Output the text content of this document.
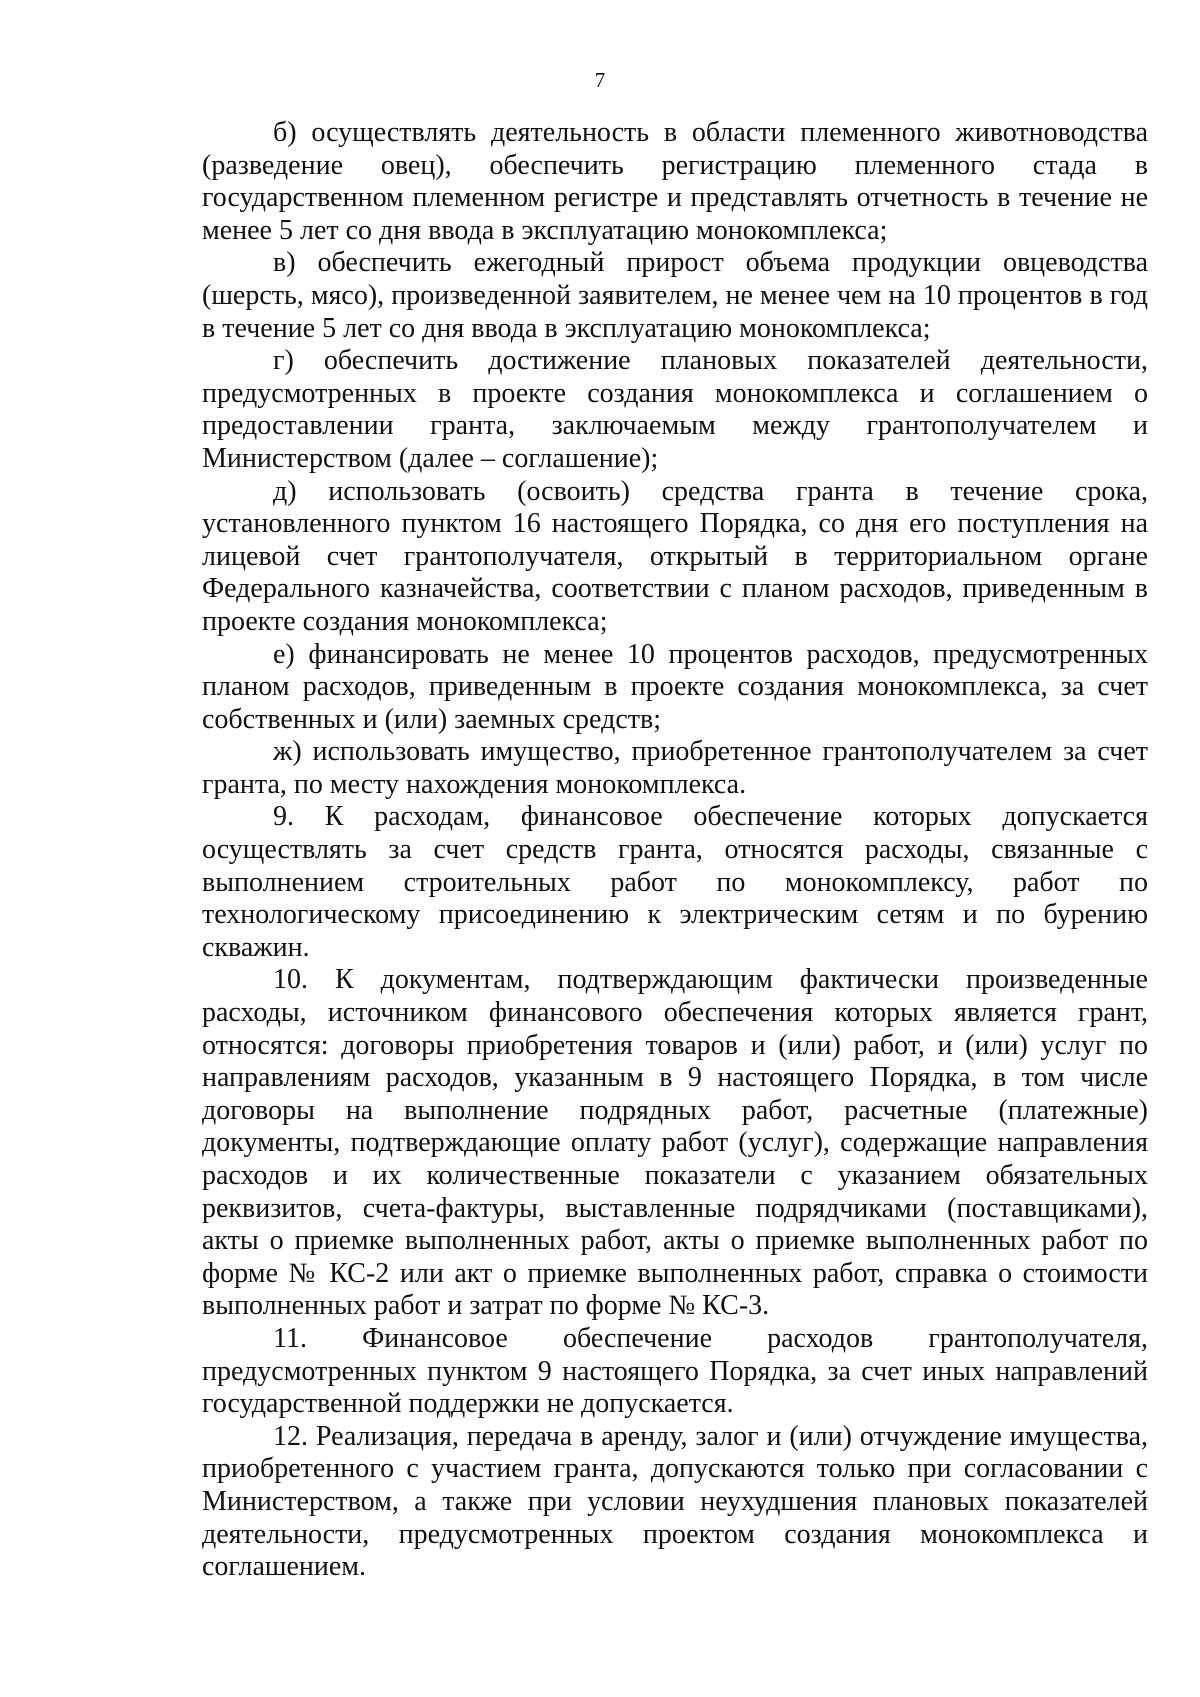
7

б) осуществлять деятельность в области племенного животноводства (разведение овец), обеспечить регистрацию племенного стада в государственном племенном регистре и представлять отчетность в течение не менее 5 лет со дня ввода в эксплуатацию монокомплекса;

в) обеспечить ежегодный прирост объема продукции овцеводства (шерсть, мясо), произведенной заявителем, не менее чем на 10 процентов в год в течение 5 лет со дня ввода в эксплуатацию монокомплекса;

г) обеспечить достижение плановых показателей деятельности, предусмотренных в проекте создания монокомплекса и соглашением о предоставлении гранта, заключаемым между грантополучателем и Министерством (далее – соглашение);

д) использовать (освоить) средства гранта в течение срока, установленного пунктом 16 настоящего Порядка, со дня его поступления на лицевой счет грантополучателя, открытый в территориальном органе Федерального казначейства, соответствии с планом расходов, приведенным в проекте создания монокомплекса;

е) финансировать не менее 10 процентов расходов, предусмотренных планом расходов, приведенным в проекте создания монокомплекса, за счет собственных и (или) заемных средств;

ж) использовать имущество, приобретенное грантополучателем за счет гранта, по месту нахождения монокомплекса.

9. К расходам, финансовое обеспечение которых допускается осуществлять за счет средств гранта, относятся расходы, связанные с выполнением строительных работ по монокомплексу, работ по технологическому присоединению к электрическим сетям и по бурению скважин.

10. К документам, подтверждающим фактически произведенные расходы, источником финансового обеспечения которых является грант, относятся: договоры приобретения товаров и (или) работ, и (или) услуг по направлениям расходов, указанным в 9 настоящего Порядка, в том числе договоры на выполнение подрядных работ, расчетные (платежные) документы, подтверждающие оплату работ (услуг), содержащие направления расходов и их количественные показатели с указанием обязательных реквизитов, счета-фактуры, выставленные подрядчиками (поставщиками), акты о приемке выполненных работ, акты о приемке выполненных работ по форме № КС-2 или акт о приемке выполненных работ, справка о стоимости выполненных работ и затрат по форме № КС-3.

11. Финансовое обеспечение расходов грантополучателя, предусмотренных пунктом 9 настоящего Порядка, за счет иных направлений государственной поддержки не допускается.

12. Реализация, передача в аренду, залог и (или) отчуждение имущества, приобретенного с участием гранта, допускаются только при согласовании с Министерством, а также при условии неухудшения плановых показателей деятельности, предусмотренных проектом создания монокомплекса и соглашением.
